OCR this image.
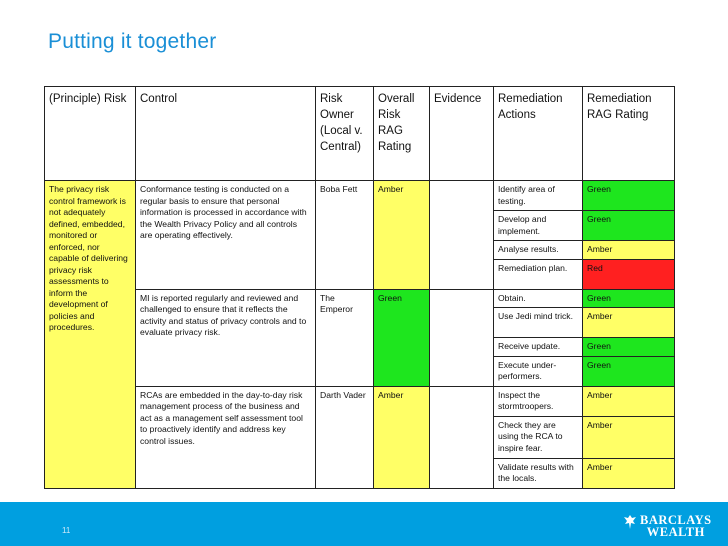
Putting it together
(Principle) Risk	Control	Risk Owner (Local v. Central)	Overall Risk RAG Rating	Evidence	Remediation Actions	Remediation RAG Rating
The privacy risk control framework is not adequately defined, embedded, monitored or enforced, nor capable of delivering privacy risk assessments to inform the development of policies and procedures.	Conformance testing is conducted on a regular basis to ensure that personal information is processed in accordance with the Wealth Privacy Policy and all controls are operating effectively.	Boba Fett	Amber		Identify area of testing.	Green
					Develop and implement.	Green
					Analyse results.	Amber
					Remediation plan.	Red
	MI is reported regularly and reviewed and challenged to ensure that it reflects the activity and status of privacy controls and to evaluate privacy risk.	The Emperor	Green		Obtain.	Green
					Use Jedi mind trick.	Amber
					Receive update.	Green
					Execute under-performers.	Green
	RCAs are embedded in the day-to-day risk management process of the business and act as a management self assessment tool to proactively identify and address key control issues.	Darth Vader	Amber		Inspect the stormtroopers.	Amber
					Check they are using the RCA to inspire fear.	Amber
					Validate results with the locals.	Amber
11
BARCLAYS
WEALTH
